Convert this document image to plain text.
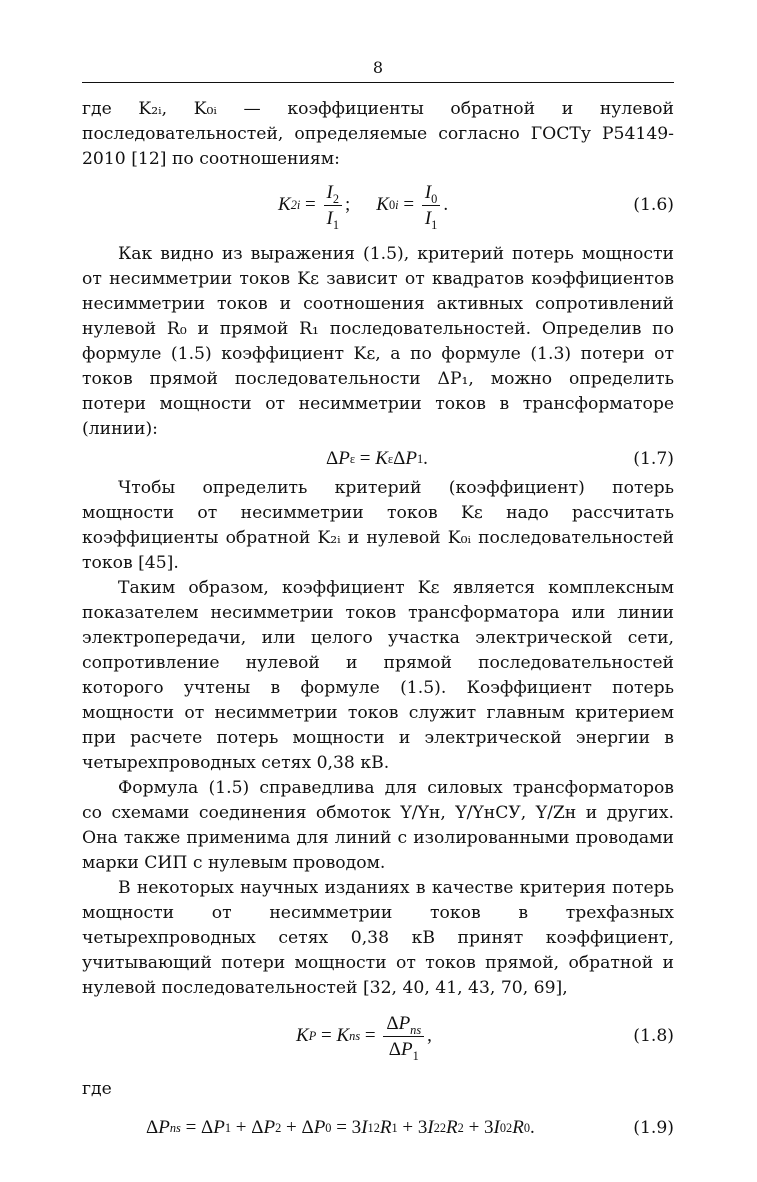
8

где K₂ᵢ, K₀ᵢ — коэффициенты обратной и нулевой последовательностей, определяемые согласно ГОСТу Р54149-2010 [12] по соотношениям:

K $2i = \frac{I_2}{I_1}$ ; K $0i = \frac{I_0}{I_1}$ .	(1.6)

Как видно из выражения (1.5), критерий потерь мощности от несимметрии токов Kε зависит от квадратов коэффициентов несимметрии токов и соотношения активных сопротивлений нулевой R₀ и прямой R₁ последовательностей. Определив по формуле (1.5) коэффициент Kε, а по формуле (1.3) потери от токов прямой последовательности ΔP₁, можно определить потери мощности от несимметрии токов в трансформаторе (линии):

Δ P ε = K ε Δ P 1 .	(1.7)

Чтобы определить критерий (коэффициент) потерь мощности от несимметрии токов Kε надо рассчитать коэффициенты обратной K₂ᵢ и нулевой K₀ᵢ последовательностей токов [45].

Таким образом, коэффициент Kε является комплексным показателем несимметрии токов трансформатора или линии электропередачи, или целого участка электрической сети, сопротивление нулевой и прямой последовательностей которого учтены в формуле (1.5). Коэффициент потерь мощности от несимметрии токов служит главным критерием при расчете потерь мощности и электрической энергии в четырехпроводных сетях 0,38 кВ.

Формула (1.5) справедлива для силовых трансформаторов со схемами соединения обмоток Y/Yн, Y/YнСУ, Y/Zн и других. Она также применима для линий с изолированными проводами марки СИП с нулевым проводом.

В некоторых научных изданиях в качестве критерия потерь мощности от несимметрии токов в трехфазных четырехпроводных сетях 0,38 кВ принят коэффициент, учитывающий потери мощности от токов прямой, обратной и нулевой последовательностей [32, 40, 41, 43, 70, 69],

K P = K ns = $\frac{\Delta P_{ns}}{\Delta P_1}$ ,	(1.8)

где

Δ P ns = Δ P 1 + Δ P 2 + Δ P 0 = 3 I 1 2 R 1 + 3 I 2 2 R 2 + 3 I 0 2 R 0 .	(1.9)
